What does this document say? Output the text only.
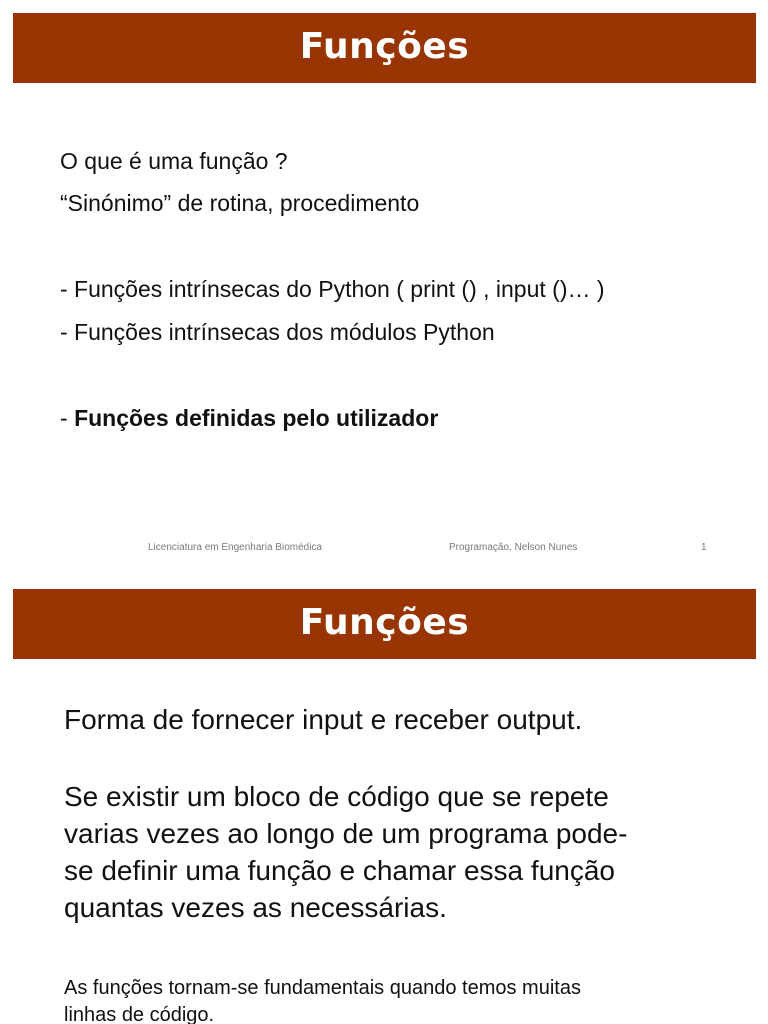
Funções
O que é uma função ?
“Sinónimo” de rotina, procedimento
- Funções intrínsecas do Python ( print () , input ()… )
- Funções intrínsecas dos módulos Python
- Funções definidas pelo utilizador
Licenciatura em Engenharia Biomédica	Programação, Nelson Nunes	1
Funções
Forma de fornecer input e receber output.
Se existir um bloco de código que se repete
varias vezes ao longo de um programa pode-
se definir uma função e chamar essa função
quantas vezes as necessárias.
As funções tornam-se fundamentais quando temos muitas
linhas de código.
